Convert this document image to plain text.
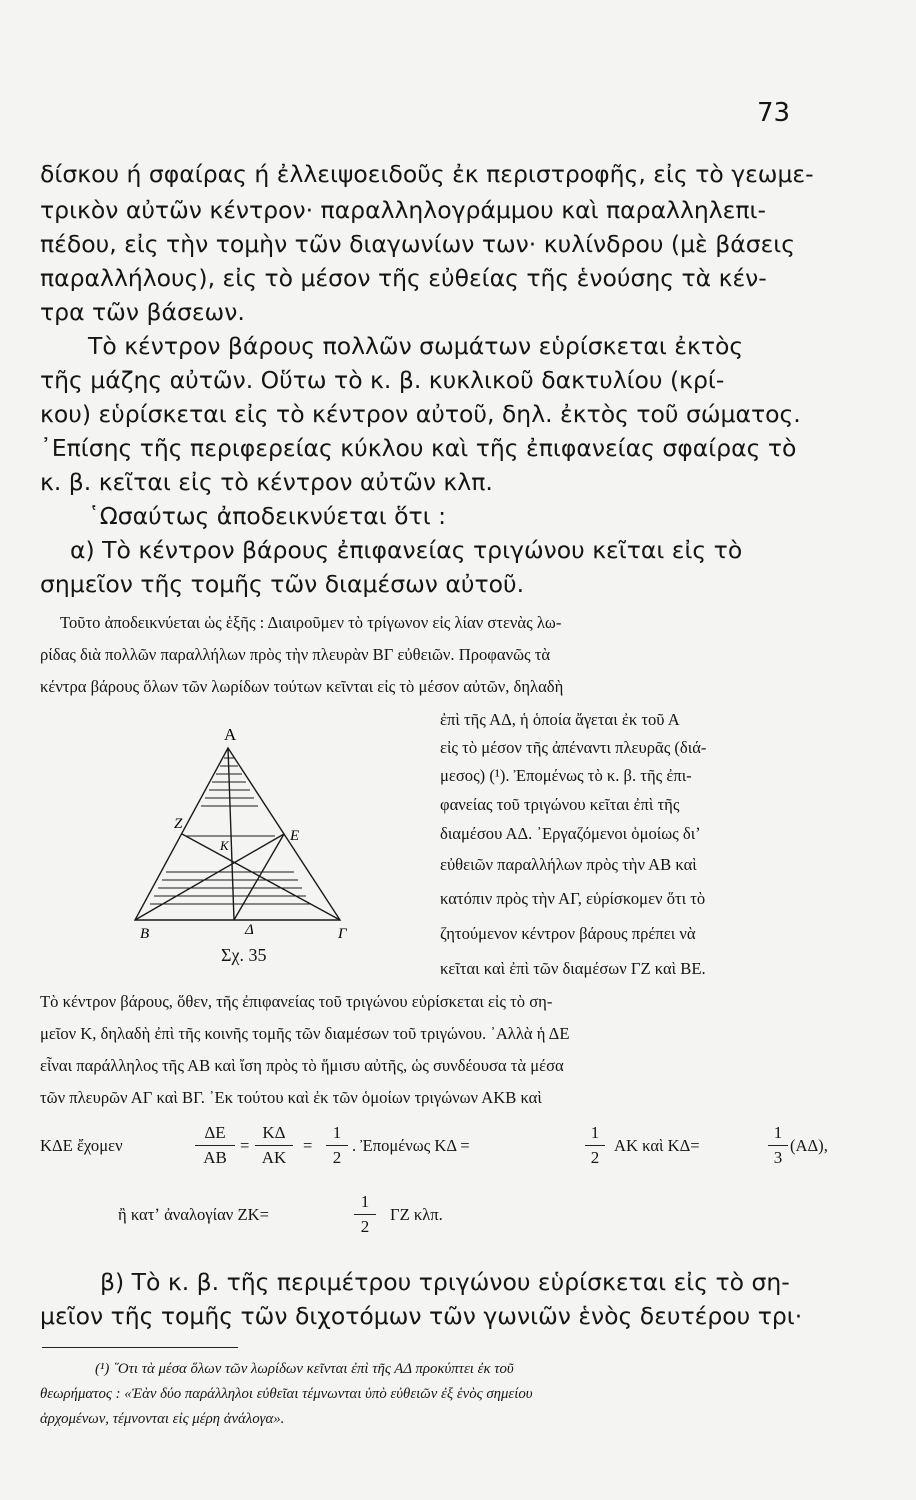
73
δίσκου ή σφαίρας ή ἐλλειψοειδοῦς ἐκ περιστροφῆς, εἰς τὸ γεωμε-
τρικὸν αὐτῶν κέντρον· παραλληλογράμμου καὶ παραλληλεπι-
πέδου, εἰς τὴν τομὴν τῶν διαγωνίων των· κυλίνδρου (μὲ βάσεις
παραλλήλους), εἰς τὸ μέσον τῆς εὐθείας τῆς ἑνούσης τὰ κέν-
τρα τῶν βάσεων.
Τὸ κέντρον βάρους πολλῶν σωμάτων εὑρίσκεται ἐκτὸς
τῆς μάζης αὐτῶν. Οὕτω τὸ κ. β. κυκλικοῦ δακτυλίου (κρί-
κου) εὑρίσκεται εἰς τὸ κέντρον αὐτοῦ, δηλ. ἐκτὸς τοῦ σώματος.
᾿Επίσης τῆς περιφερείας κύκλου καὶ τῆς ἐπιφανείας σφαίρας τὸ
κ. β. κεῖται εἰς τὸ κέντρον αὐτῶν κλπ.
῾Ωσαύτως ἀποδεικνύεται ὅτι :
α) Τὸ κέντρον βάρους ἐπιφανείας τριγώνου κεῖται εἰς τὸ
σημεῖον τῆς τομῆς τῶν διαμέσων αὐτοῦ.
Τοῦτο ἀποδεικνύεται ὡς ἑξῆς : Διαιροῦμεν τὸ τρίγωνον εἰς λίαν στενὰς λω-
ρίδας διὰ πολλῶν παραλλήλων πρὸς τὴν πλευρὰν ΒΓ εὐθειῶν. Προφανῶς τὰ
κέντρα βάρους ὅλων τῶν λωρίδων τούτων κεῖνται εἰς τὸ μέσον αὐτῶν, δηλαδὴ
ἐπὶ τῆς ΑΔ, ἡ ὁποία ἄγεται ἐκ τοῦ Α
εἰς τὸ μέσον τῆς ἀπέναντι πλευρᾶς (διά-
μεσος) (¹). Ἐπομένως τὸ κ. β. τῆς ἐπι-
φανείας τοῦ τριγώνου κεῖται ἐπὶ τῆς
διαμέσου ΑΔ. ᾿Εργαζόμενοι ὁμοίως διʼ
εὐθειῶν παραλλήλων πρὸς τὴν ΑΒ καὶ
κατόπιν πρὸς τὴν ΑΓ, εὑρίσκομεν ὅτι τὸ
ζητούμενον κέντρον βάρους πρέπει νὰ
κεῖται καὶ ἐπὶ τῶν διαμέσων ΓΖ καὶ ΒΕ.
Α
Β	Γ
Δ
Ε
Ζ
Κ
Σχ. 35
Τὸ κέντρον βάρους, ὅθεν, τῆς ἐπιφανείας τοῦ τριγώνου εὑρίσκεται εἰς τὸ ση-
μεῖον Κ, δηλαδὴ ἐπὶ τῆς κοινῆς τομῆς τῶν διαμέσων τοῦ τριγώνου. ᾿Αλλὰ ἡ ΔΕ
εἶναι παράλληλος τῆς ΑΒ καὶ ἴση πρὸς τὸ ἥμισυ αὐτῆς, ὡς συνδέουσα τὰ μέσα
τῶν πλευρῶν ΑΓ καὶ ΒΓ. ᾿Εκ τούτου καὶ ἐκ τῶν ὁμοίων τριγώνων ΑΚΒ καὶ
ΚΔΕ ἔχομεν
ΔΕ
ΑΒ
=
ΚΔ
ΑΚ
=
1
2
. Ἐπομένως ΚΔ =
1
2
ΑΚ καὶ ΚΔ=
1
3
(ΑΔ),
ἢ κατʼ ἀναλογίαν ΖΚ=
1
2
ΓΖ κλπ.
β) Τὸ κ. β. τῆς περιμέτρου τριγώνου εὑρίσκεται εἰς τὸ ση-
μεῖον τῆς τομῆς τῶν διχοτόμων τῶν γωνιῶν ἑνὸς δευτέρου τρι·
(¹) ῞Οτι τὰ μέσα ὅλων τῶν λωρίδων κεῖνται ἐπὶ τῆς ΑΔ προκύπτει ἐκ τοῦ
θεωρήματος : «Ἐὰν δύο παράλληλοι εὐθεῖαι τέμνωνται ὑπὸ εὐθειῶν ἐξ ἑνὸς σημείου
ἀρχομένων, τέμνονται εἰς μέρη ἀνάλογα».
